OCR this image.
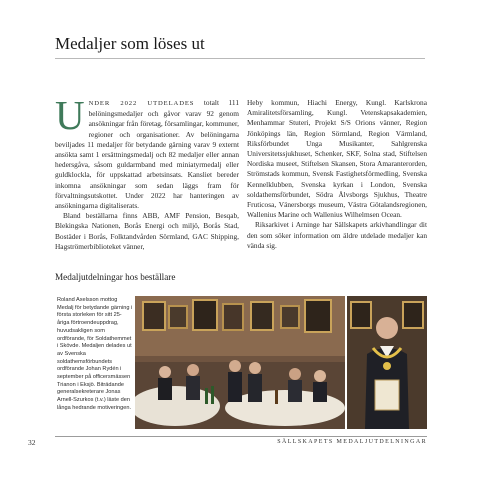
Medaljer som löses ut

UNDER 2022 UTDELADES totalt 111 belöningsmedaljer och gåvor varav 92 genom ansökningar från företag, församlingar, kommuner, regioner och organisationer. Av belöningarna beviljades 11 medaljer för betydande gärning varav 9 externt ansökta samt 1 ersättningsmedalj och 82 medaljer eller annan hedersgåva, såsom guldarmband med miniatyrmedalj eller guldklockla, för uppskattad arbetsinsats. Kansliet bereder inkomna ansökningar som sedan läggs fram för förvaltningsutskottet. Under 2022 har hanteringen av ansökningarna digitaliserats.

Bland beställarna finns ABB, AMF Pension, Besqab, Blekingska Nationen, Borås Energi och miljö, Borås Stad, Bostäder i Borås, Folktandvården Sörmland, GAC Shipping, Hagströmerbiblioteket vänner,

Heby kommun, Hiachi Energy, Kungl. Karlskrona Amiralitetsförsamling, Kungl. Vetenskapsakademien, Menhammar Stuteri, Projekt S/S Orions vänner, Region Jönköpings län, Region Sörmland, Region Värmland, Riksförbundet Unga Musikanter, Sahlgrenska Universitetssjukhuset, Schenker, SKF, Solna stad, Stiftelsen Nordiska museet, Stiftelsen Skansen, Stora Amaranterorden, Strömstads kommun, Svensk Fastighetsförmedling, Svenska Kennelklubben, Svenska kyrkan i London, Svenska soldathemsförbundet, Södra Älvsborgs Sjukhus, Theatre Fruticosa, Vänersborgs museum, Västra Götalandsregionen, Wallenius Marine och Wallenius Wilhelmsen Ocean.

Riksarkivet i Arninge har Sällskapets arkivhandlingar dit den som söker information om äldre utdelade medaljer kan vända sig.

Medaljutdelningar hos beställare
Roland Axelsson mottog Medalj för betydande gärning i första storleken för sitt 25-åriga förtroendeuppdrag, huvudsakligen som ordförande, för Soldathemmet i Skövde. Medaljen delades ut av Svenska soldathemsförbundets ordförande Johan Rydén i september på officersmässen Trianon i Eksjö. Biträdande generalsekreterare Jonas Arnell-Szurkos (t.v.) läste den långa hedrande motiveringen.
32	SÄLLSKAPETS MEDALJUTDELNINGAR
